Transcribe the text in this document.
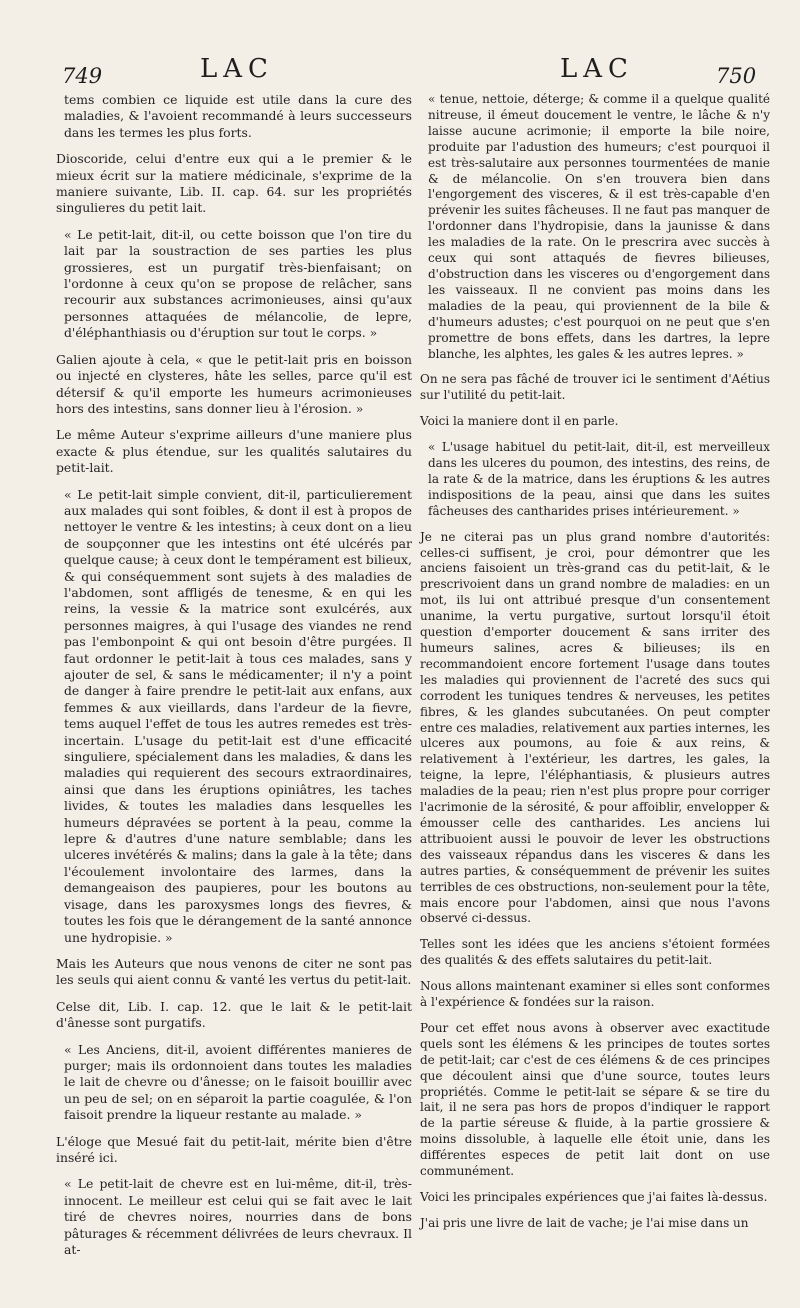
749	LAC	LAC	750

tems combien ce liquide est utile dans la cure des maladies, & l'avoient recommandé à leurs successeurs dans les termes les plus forts.

Dioscoride, celui d'entre eux qui a le premier & le mieux écrit sur la matiere médicinale, s'exprime de la maniere suivante, Lib. II. cap. 64. sur les propriétés singulieres du petit lait.

« Le petit-lait, dit-il, ou cette boisson que l'on tire du lait par la soustraction de ses parties les plus grossieres, est un purgatif très-bienfaisant; on l'ordonne à ceux qu'on se propose de relâcher, sans recourir aux substances acrimonieuses, ainsi qu'aux personnes attaquées de mélancolie, de lepre, d'éléphanthiasis ou d'éruption sur tout le corps. »

Galien ajoute à cela, « que le petit-lait pris en boisson ou injecté en clysteres, hâte les selles, parce qu'il est détersif & qu'il emporte les humeurs acrimonieuses hors des intestins, sans donner lieu à l'érosion. »

Le même Auteur s'exprime ailleurs d'une maniere plus exacte & plus étendue, sur les qualités salutaires du petit-lait.

« Le petit-lait simple convient, dit-il, particulierement aux malades qui sont foibles, & dont il est à propos de nettoyer le ventre & les intestins; à ceux dont on a lieu de soupçonner que les intestins ont été ulcérés par quelque cause; à ceux dont le tempérament est bilieux, & qui conséquemment sont sujets à des maladies de l'abdomen, sont affligés de tenesme, & en qui les reins, la vessie & la matrice sont exulcérés, aux personnes maigres, à qui l'usage des viandes ne rend pas l'embonpoint & qui ont besoin d'être purgées. Il faut ordonner le petit-lait à tous ces malades, sans y ajouter de sel, & sans le médicamenter; il n'y a point de danger à faire prendre le petit-lait aux enfans, aux femmes & aux vieillards, dans l'ardeur de la fievre, tems auquel l'effet de tous les autres remedes est très-incertain. L'usage du petit-lait est d'une efficacité singuliere, spécialement dans les maladies, & dans les maladies qui requierent des secours extraordinaires, ainsi que dans les éruptions opiniâtres, les taches livides, & toutes les maladies dans lesquelles les humeurs dépravées se portent à la peau, comme la lepre & d'autres d'une nature semblable; dans les ulceres invétérés & malins; dans la gale à la tête; dans l'écoulement involontaire des larmes, dans la demangeaison des paupieres, pour les boutons au visage, dans les paroxysmes longs des fievres, & toutes les fois que le dérangement de la santé annonce une hydropisie. »

Mais les Auteurs que nous venons de citer ne sont pas les seuls qui aient connu & vanté les vertus du petit-lait.

Celse dit, Lib. I. cap. 12. que le lait & le petit-lait d'ânesse sont purgatifs.

« Les Anciens, dit-il, avoient différentes manieres de purger; mais ils ordonnoient dans toutes les maladies le lait de chevre ou d'ânesse; on le faisoit bouillir avec un peu de sel; on en séparoit la partie coagulée, & l'on faisoit prendre la liqueur restante au malade. »

L'éloge que Mesué fait du petit-lait, mérite bien d'être inséré ici.

« Le petit-lait de chevre est en lui-même, dit-il, très-innocent. Le meilleur est celui qui se fait avec le lait tiré de chevres noires, nourries dans de bons pâturages & récemment délivrées de leurs chevraux. Il at-

« tenue, nettoie, déterge; & comme il a quelque qualité nitreuse, il émeut doucement le ventre, le lâche & n'y laisse aucune acrimonie; il emporte la bile noire, produite par l'adustion des humeurs; c'est pourquoi il est très-salutaire aux personnes tourmentées de manie & de mélancolie. On s'en trouvera bien dans l'engorgement des visceres, & il est très-capable d'en prévenir les suites fâcheuses. Il ne faut pas manquer de l'ordonner dans l'hydropisie, dans la jaunisse & dans les maladies de la rate. On le prescrira avec succès à ceux qui sont attaqués de fievres bilieuses, d'obstruction dans les visceres ou d'engorgement dans les vaisseaux. Il ne convient pas moins dans les maladies de la peau, qui proviennent de la bile & d'humeurs adustes; c'est pourquoi on ne peut que s'en promettre de bons effets, dans les dartres, la lepre blanche, les alphtes, les gales & les autres lepres. »

On ne sera pas fâché de trouver ici le sentiment d'Aétius sur l'utilité du petit-lait.

Voici la maniere dont il en parle.

« L'usage habituel du petit-lait, dit-il, est merveilleux dans les ulceres du poumon, des intestins, des reins, de la rate & de la matrice, dans les éruptions & les autres indispositions de la peau, ainsi que dans les suites fâcheuses des cantharides prises intérieurement. »

Je ne citerai pas un plus grand nombre d'autorités: celles-ci suffisent, je croi, pour démontrer que les anciens faisoient un très-grand cas du petit-lait, & le prescrivoient dans un grand nombre de maladies: en un mot, ils lui ont attribué presque d'un consentement unanime, la vertu purgative, surtout lorsqu'il étoit question d'emporter doucement & sans irriter des humeurs salines, acres & bilieuses; ils en recommandoient encore fortement l'usage dans toutes les maladies qui proviennent de l'acreté des sucs qui corrodent les tuniques tendres & nerveuses, les petites fibres, & les glandes subcutanées. On peut compter entre ces maladies, relativement aux parties internes, les ulceres aux poumons, au foie & aux reins, & relativement à l'extérieur, les dartres, les gales, la teigne, la lepre, l'éléphantiasis, & plusieurs autres maladies de la peau; rien n'est plus propre pour corriger l'acrimonie de la sérosité, & pour affoiblir, envelopper & émousser celle des cantharides. Les anciens lui attribuoient aussi le pouvoir de lever les obstructions des vaisseaux répandus dans les visceres & dans les autres parties, & conséquemment de prévenir les suites terribles de ces obstructions, non-seulement pour la tête, mais encore pour l'abdomen, ainsi que nous l'avons observé ci-dessus.

Telles sont les idées que les anciens s'étoient formées des qualités & des effets salutaires du petit-lait.

Nous allons maintenant examiner si elles sont conformes à l'expérience & fondées sur la raison.

Pour cet effet nous avons à observer avec exactitude quels sont les élémens & les principes de toutes sortes de petit-lait; car c'est de ces élémens & de ces principes que découlent ainsi que d'une source, toutes leurs propriétés. Comme le petit-lait se sépare & se tire du lait, il ne sera pas hors de propos d'indiquer le rapport de la partie séreuse & fluide, à la partie grossiere & moins dissoluble, à laquelle elle étoit unie, dans les différentes especes de petit lait dont on use communément.

Voici les principales expériences que j'ai faites là-dessus.

J'ai pris une livre de lait de vache; je l'ai mise dans un
